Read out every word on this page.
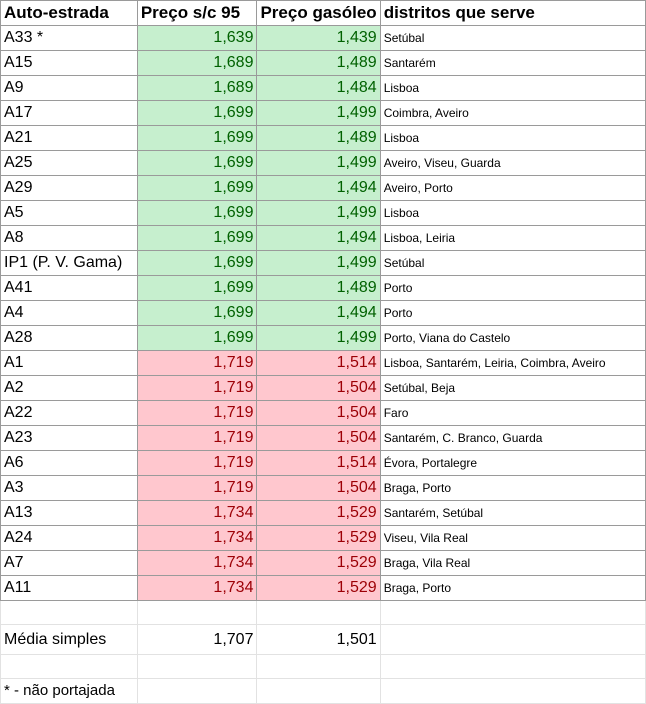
Auto-estrada	Preço s/c 95	Preço gasóleo	distritos que serve
A33 *	1,639	1,439	Setúbal
A15	1,689	1,489	Santarém
A9	1,689	1,484	Lisboa
A17	1,699	1,499	Coimbra, Aveiro
A21	1,699	1,489	Lisboa
A25	1,699	1,499	Aveiro, Viseu, Guarda
A29	1,699	1,494	Aveiro, Porto
A5	1,699	1,499	Lisboa
A8	1,699	1,494	Lisboa, Leiria
IP1 (P. V. Gama)	1,699	1,499	Setúbal
A41	1,699	1,489	Porto
A4	1,699	1,494	Porto
A28	1,699	1,499	Porto, Viana do Castelo
A1	1,719	1,514	Lisboa, Santarém, Leiria, Coimbra, Aveiro
A2	1,719	1,504	Setúbal, Beja
A22	1,719	1,504	Faro
A23	1,719	1,504	Santarém, C. Branco, Guarda
A6	1,719	1,514	Évora, Portalegre
A3	1,719	1,504	Braga, Porto
A13	1,734	1,529	Santarém, Setúbal
A24	1,734	1,529	Viseu, Vila Real
A7	1,734	1,529	Braga, Vila Real
A11	1,734	1,529	Braga, Porto

Média simples	1,707	1,501	

* - não portajada			
